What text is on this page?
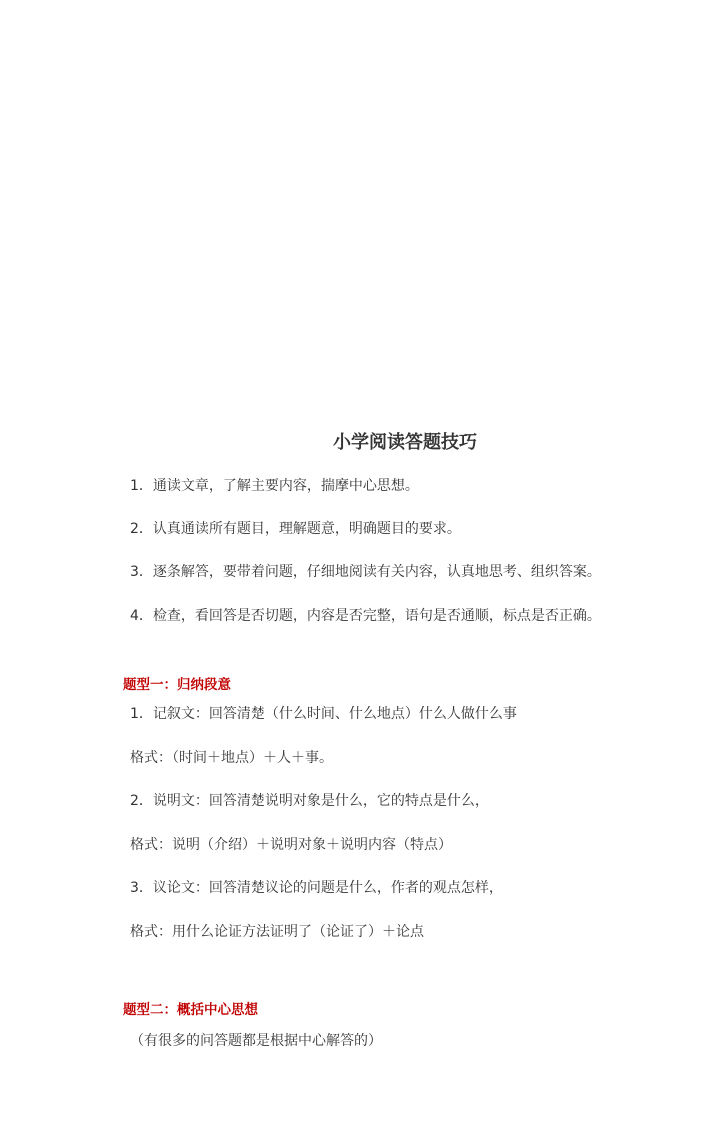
小学阅读答题技巧
1．通读文章，了解主要内容，揣摩中心思想。
2．认真通读所有题目，理解题意，明确题目的要求。
3．逐条解答，要带着问题，仔细地阅读有关内容，认真地思考、组织答案。
4．检查，看回答是否切题，内容是否完整，语句是否通顺，标点是否正确。
题型一：归纳段意
1．记叙文：回答清楚（什么时间、什么地点）什么人做什么事
格式：（时间＋地点）＋人＋事。
2．说明文：回答清楚说明对象是什么，它的特点是什么，
格式：说明（介绍）＋说明对象＋说明内容（特点）
3．议论文：回答清楚议论的问题是什么，作者的观点怎样，
格式：用什么论证方法证明了（论证了）＋论点
题型二：概括中心思想
（有很多的问答题都是根据中心解答的）
